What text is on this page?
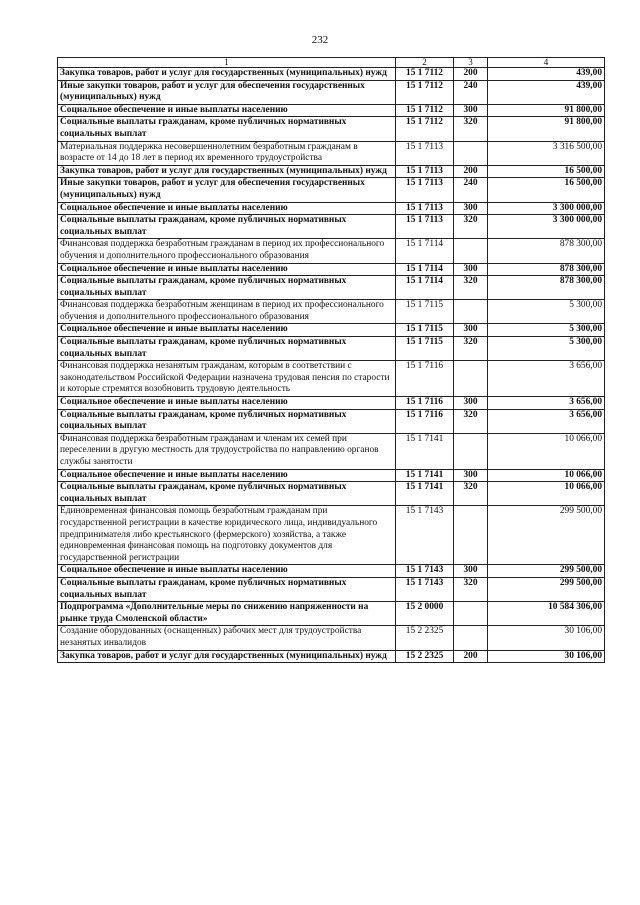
232
1	2	3	4
Закупка товаров, работ и услуг для государственных (муниципальных) нужд	15 1 7112	200	439,00
Иные закупки товаров, работ и услуг для обеспечения государственных (муниципальных) нужд	15 1 7112	240	439,00
Социальное обеспечение и иные выплаты населению	15 1 7112	300	91 800,00
Социальные выплаты гражданам, кроме публичных нормативных социальных выплат	15 1 7112	320	91 800,00
Материальная поддержка несовершеннолетним безработным гражданам в возрасте от 14 до 18 лет в период их временного трудоустройства	15 1 7113		3 316 500,00
Закупка товаров, работ и услуг для государственных (муниципальных) нужд	15 1 7113	200	16 500,00
Иные закупки товаров, работ и услуг для обеспечения государственных (муниципальных) нужд	15 1 7113	240	16 500,00
Социальное обеспечение и иные выплаты населению	15 1 7113	300	3 300 000,00
Социальные выплаты гражданам, кроме публичных нормативных социальных выплат	15 1 7113	320	3 300 000,00
Финансовая поддержка безработным гражданам в период их профессионального обучения и дополнительного профессионального образования	15 1 7114		878 300,00
Социальное обеспечение и иные выплаты населению	15 1 7114	300	878 300,00
Социальные выплаты гражданам, кроме публичных нормативных социальных выплат	15 1 7114	320	878 300,00
Финансовая поддержка безработным женщинам в период их профессионального обучения и дополнительного профессионального образования	15 1 7115		5 300,00
Социальное обеспечение и иные выплаты населению	15 1 7115	300	5 300,00
Социальные выплаты гражданам, кроме публичных нормативных социальных выплат	15 1 7115	320	5 300,00
Финансовая поддержка незанятым гражданам, которым в соответствии с законодательством Российской Федерации назначена трудовая пенсия по старости и которые стремятся возобновить трудовую деятельность	15 1 7116		3 656,00
Социальное обеспечение и иные выплаты населению	15 1 7116	300	3 656,00
Социальные выплаты гражданам, кроме публичных нормативных социальных выплат	15 1 7116	320	3 656,00
Финансовая поддержка безработным гражданам и членам их семей при переселении в другую местность для трудоустройства по направлению органов службы занятости	15 1 7141		10 066,00
Социальное обеспечение и иные выплаты населению	15 1 7141	300	10 066,00
Социальные выплаты гражданам, кроме публичных нормативных социальных выплат	15 1 7141	320	10 066,00
Единовременная финансовая помощь безработным гражданам при государственной регистрации в качестве юридического лица, индивидуального предпринимателя либо крестьянского (фермерского) хозяйства, а также единовременная финансовая помощь на подготовку документов для государственной регистрации	15 1 7143		299 500,00
Социальное обеспечение и иные выплаты населению	15 1 7143	300	299 500,00
Социальные выплаты гражданам, кроме публичных нормативных социальных выплат	15 1 7143	320	299 500,00
Подпрограмма «Дополнительные меры по снижению напряженности на рынке труда Смоленской области»	15 2 0000		10 584 306,00
Создание оборудованных (оснащенных) рабочих мест для трудоустройства незанятых инвалидов	15 2 2325		30 106,00
Закупка товаров, работ и услуг для государственных (муниципальных) нужд	15 2 2325	200	30 106,00
